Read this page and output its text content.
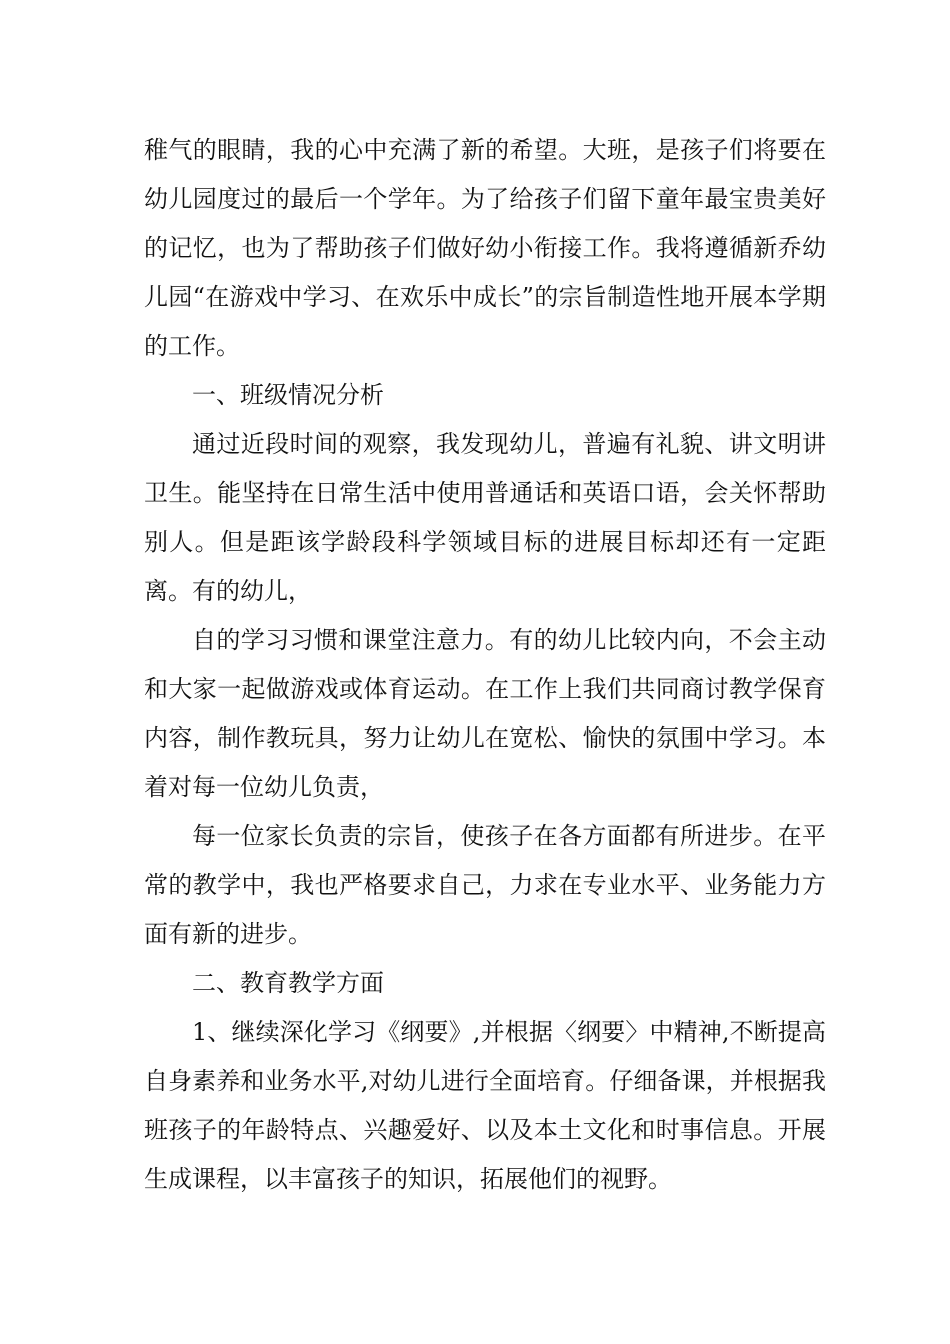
稚气的眼睛，我的心中充满了新的希望。大班，是孩子们将要在幼儿园度过的最后一个学年。为了给孩子们留下童年最宝贵美好的记忆，也为了帮助孩子们做好幼小衔接工作。我将遵循新乔幼儿园“在游戏中学习、在欢乐中成长”的宗旨制造性地开展本学期的工作。

一、班级情况分析

通过近段时间的观察，我发现幼儿，普遍有礼貌、讲文明讲卫生。能坚持在日常生活中使用普通话和英语口语，会关怀帮助别人。但是距该学龄段科学领域目标的进展目标却还有一定距离。有的幼儿，

自的学习习惯和课堂注意力。有的幼儿比较内向，不会主动和大家一起做游戏或体育运动。在工作上我们共同商讨教学保育内容，制作教玩具，努力让幼儿在宽松、愉快的氛围中学习。本着对每一位幼儿负责，

每一位家长负责的宗旨，使孩子在各方面都有所进步。在平常的教学中，我也严格要求自己，力求在专业水平、业务能力方面有新的进步。

二、教育教学方面

1、继续深化学习《纲要》,并根据〈纲要〉中精神,不断提高自身素养和业务水平,对幼儿进行全面培育。仔细备课，并根据我班孩子的年龄特点、兴趣爱好、以及本土文化和时事信息。开展生成课程，以丰富孩子的知识，拓展他们的视野。
